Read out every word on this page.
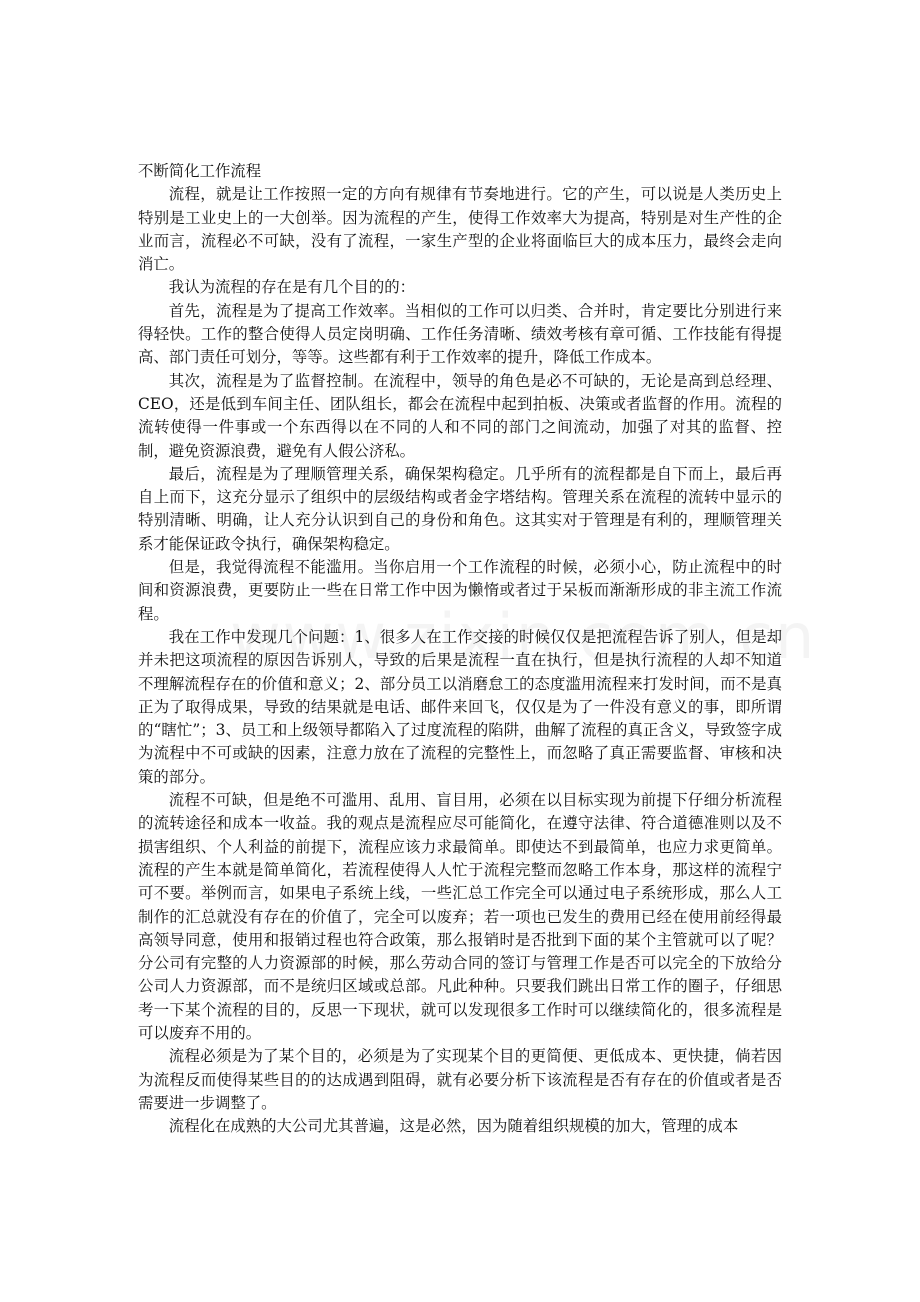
不断简化工作流程

流程，就是让工作按照一定的方向有规律有节奏地进行。它的产生，可以说是人类历史上特别是工业史上的一大创举。因为流程的产生，使得工作效率大为提高，特别是对生产性的企业而言，流程必不可缺，没有了流程，一家生产型的企业将面临巨大的成本压力，最终会走向消亡。

我认为流程的存在是有几个目的的：

首先，流程是为了提高工作效率。当相似的工作可以归类、合并时，肯定要比分别进行来得轻快。工作的整合使得人员定岗明确、工作任务清晰、绩效考核有章可循、工作技能有得提高、部门责任可划分，等等。这些都有利于工作效率的提升，降低工作成本。

其次，流程是为了监督控制。在流程中，领导的角色是必不可缺的，无论是高到总经理、CEO，还是低到车间主任、团队组长，都会在流程中起到拍板、决策或者监督的作用。流程的流转使得一件事或一个东西得以在不同的人和不同的部门之间流动，加强了对其的监督、控制，避免资源浪费，避免有人假公济私。

最后，流程是为了理顺管理关系，确保架构稳定。几乎所有的流程都是自下而上，最后再自上而下，这充分显示了组织中的层级结构或者金字塔结构。管理关系在流程的流转中显示的特别清晰、明确，让人充分认识到自己的身份和角色。这其实对于管理是有利的，理顺管理关系才能保证政令执行，确保架构稳定。

但是，我觉得流程不能滥用。当你启用一个工作流程的时候，必须小心，防止流程中的时间和资源浪费，更要防止一些在日常工作中因为懒惰或者过于呆板而渐渐形成的非主流工作流程。

我在工作中发现几个问题：1、很多人在工作交接的时候仅仅是把流程告诉了别人，但是却并未把这项流程的原因告诉别人，导致的后果是流程一直在执行，但是执行流程的人却不知道不理解流程存在的价值和意义；2、部分员工以消磨怠工的态度滥用流程来打发时间，而不是真正为了取得成果，导致的结果就是电话、邮件来回飞，仅仅是为了一件没有意义的事，即所谓的“瞎忙”；3、员工和上级领导都陷入了过度流程的陷阱，曲解了流程的真正含义，导致签字成为流程中不可或缺的因素，注意力放在了流程的完整性上，而忽略了真正需要监督、审核和决策的部分。

流程不可缺，但是绝不可滥用、乱用、盲目用，必须在以目标实现为前提下仔细分析流程的流转途径和成本一收益。我的观点是流程应尽可能简化，在遵守法律、符合道德准则以及不损害组织、个人利益的前提下，流程应该力求最简单。即使达不到最简单，也应力求更简单。流程的产生本就是简单简化，若流程使得人人忙于流程完整而忽略工作本身，那这样的流程宁可不要。举例而言，如果电子系统上线，一些汇总工作完全可以通过电子系统形成，那么人工制作的汇总就没有存在的价值了，完全可以废弃；若一项也已发生的费用已经在使用前经得最高领导同意，使用和报销过程也符合政策，那么报销时是否批到下面的某个主管就可以了呢？分公司有完整的人力资源部的时候，那么劳动合同的签订与管理工作是否可以完全的下放给分公司人力资源部，而不是统归区域或总部。凡此种种。只要我们跳出日常工作的圈子，仔细思考一下某个流程的目的，反思一下现状，就可以发现很多工作时可以继续简化的，很多流程是可以废弃不用的。

流程必须是为了某个目的，必须是为了实现某个目的更简便、更低成本、更快捷，倘若因为流程反而使得某些目的的达成遇到阻碍，就有必要分析下该流程是否有存在的价值或者是否需要进一步调整了。

流程化在成熟的大公司尤其普遍，这是必然，因为随着组织规模的加大，管理的成本
